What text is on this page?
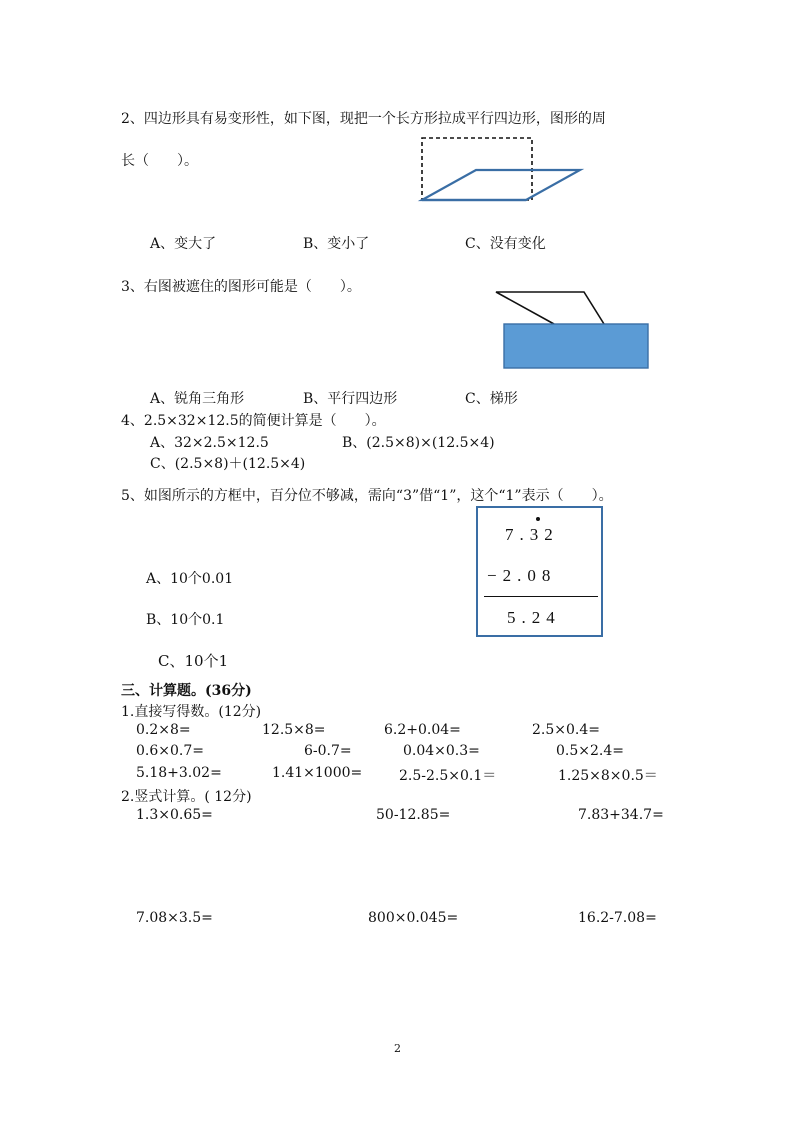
2、四边形具有易变形性，如下图，现把一个长方形拉成平行四边形，图形的周
长（　　）。
A、变大了	B、变小了	C、没有变化
3、右图被遮住的图形可能是（　　）。
A、锐角三角形	B、平行四边形	C、梯形
4、2.5×32×12.5的简便计算是（　　）。
A、32×2.5×12.5	B、(2.5×8)×(12.5×4)
C、(2.5×8)＋(12.5×4)
5、如图所示的方框中，百分位不够减，需向“3”借“1”，这个“1”表示（　　）。
7.32
−2.08
5.24
A、10个0.01
B、10个0.1
C、10个1
三、计算题。(36分)
1.直接写得数。(12分)
0.2×8=	12.5×8=	6.2+0.04=	2.5×0.4=
0.6×0.7=	6-0.7=	0.04×0.3=	0.5×2.4=
5.18+3.02=	1.41×1000=	2.5-2.5×0.1＝	1.25×8×0.5＝
2.竖式计算。( 12分)
1.3×0.65=	50-12.85=	7.83+34.7=
7.08×3.5=	800×0.045=	16.2-7.08=
2
